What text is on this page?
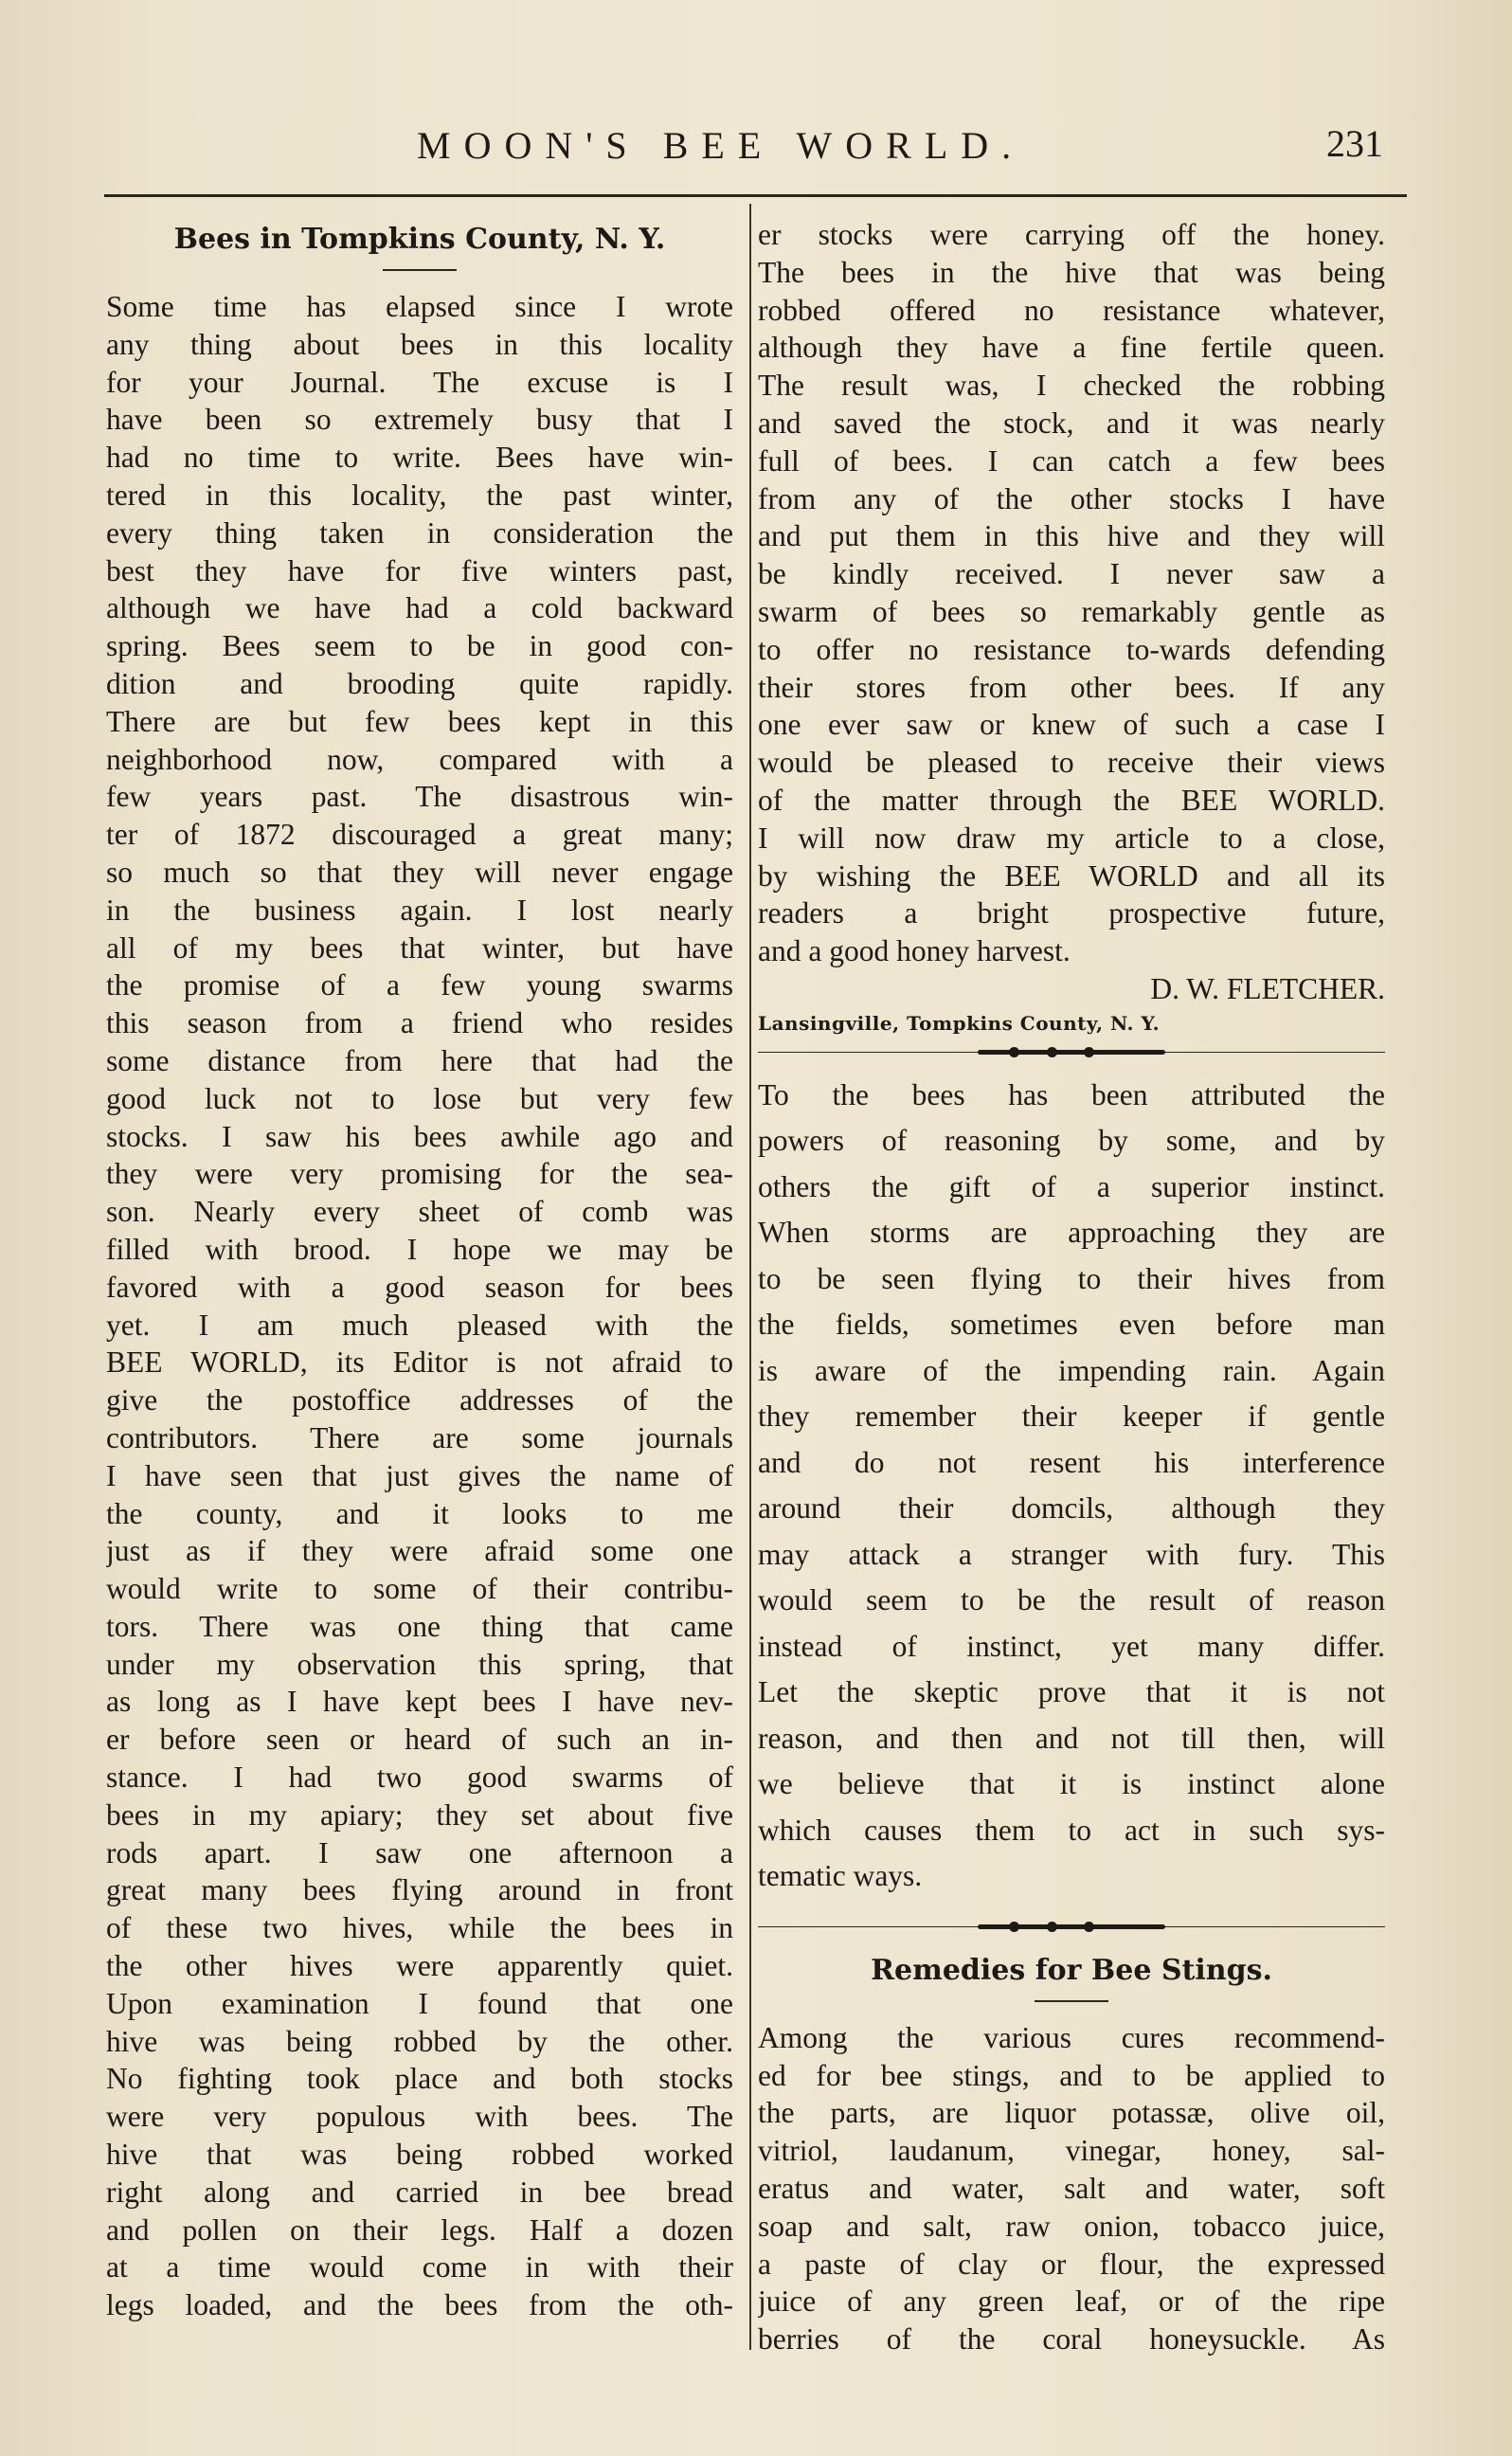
MOON'S BEE WORLD.	231
Bees in Tompkins County, N. Y.
Some time has elapsed since I wrote
any thing about bees in this locality
for your Journal. The excuse is I
have been so extremely busy that I
had no time to write. Bees have win-
tered in this locality, the past winter,
every thing taken in consideration the
best they have for five winters past,
although we have had a cold backward
spring. Bees seem to be in good con-
dition and brooding quite rapidly.
There are but few bees kept in this
neighborhood now, compared with a
few years past. The disastrous win-
ter of 1872 discouraged a great many;
so much so that they will never engage
in the business again. I lost nearly
all of my bees that winter, but have
the promise of a few young swarms
this season from a friend who resides
some distance from here that had the
good luck not to lose but very few
stocks. I saw his bees awhile ago and
they were very promising for the sea-
son. Nearly every sheet of comb was
filled with brood. I hope we may be
favored with a good season for bees
yet. I am much pleased with the
BEE WORLD, its Editor is not afraid to
give the postoffice addresses of the
contributors. There are some journals
I have seen that just gives the name of
the county, and it looks to me
just as if they were afraid some one
would write to some of their contribu-
tors. There was one thing that came
under my observation this spring, that
as long as I have kept bees I have nev-
er before seen or heard of such an in-
stance. I had two good swarms of
bees in my apiary; they set about five
rods apart. I saw one afternoon a
great many bees flying around in front
of these two hives, while the bees in
the other hives were apparently quiet.
Upon examination I found that one
hive was being robbed by the other.
No fighting took place and both stocks
were very populous with bees. The
hive that was being robbed worked
right along and carried in bee bread
and pollen on their legs. Half a dozen
at a time would come in with their
legs loaded, and the bees from the oth-
er stocks were carrying off the honey.
The bees in the hive that was being
robbed offered no resistance whatever,
although they have a fine fertile queen.
The result was, I checked the robbing
and saved the stock, and it was nearly
full of bees. I can catch a few bees
from any of the other stocks I have
and put them in this hive and they will
be kindly received. I never saw a
swarm of bees so remarkably gentle as
to offer no resistance to-wards defending
their stores from other bees. If any
one ever saw or knew of such a case I
would be pleased to receive their views
of the matter through the BEE WORLD.
I will now draw my article to a close,
by wishing the BEE WORLD and all its
readers a bright prospective future,
and a good honey harvest.
D. W. FLETCHER.
Lansingville, Tompkins County, N. Y.
To the bees has been attributed the
powers of reasoning by some, and by
others the gift of a superior instinct.
When storms are approaching they are
to be seen flying to their hives from
the fields, sometimes even before man
is aware of the impending rain. Again
they remember their keeper if gentle
and do not resent his interference
around their domcils, although they
may attack a stranger with fury. This
would seem to be the result of reason
instead of instinct, yet many differ.
Let the skeptic prove that it is not
reason, and then and not till then, will
we believe that it is instinct alone
which causes them to act in such sys-
tematic ways.
Remedies for Bee Stings.
Among the various cures recommend-
ed for bee stings, and to be applied to
the parts, are liquor potassæ, olive oil,
vitriol, laudanum, vinegar, honey, sal-
eratus and water, salt and water, soft
soap and salt, raw onion, tobacco juice,
a paste of clay or flour, the expressed
juice of any green leaf, or of the ripe
berries of the coral honeysuckle. As
